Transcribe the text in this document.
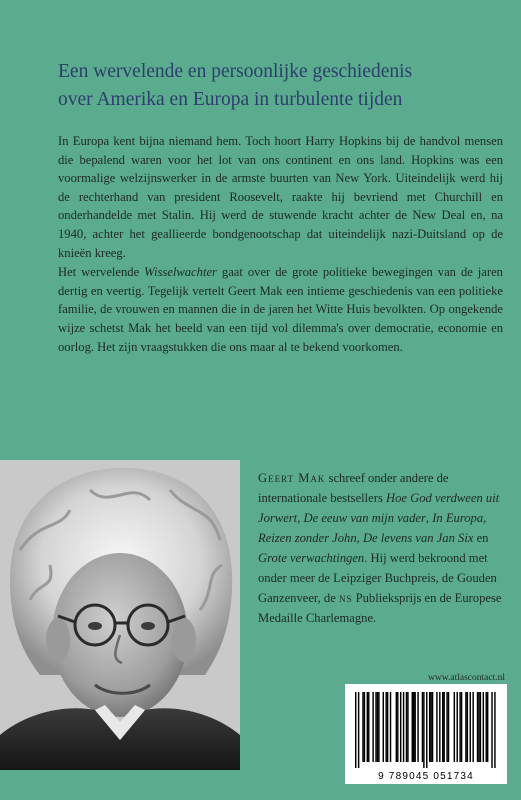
Een wervelende en persoonlijke geschiedenis
over Amerika en Europa in turbulente tijden

In Europa kent bijna niemand hem. Toch hoort Harry Hopkins bij de handvol mensen die bepalend waren voor het lot van ons continent en ons land. Hopkins was een voormalige welzijnswerker in de armste buurten van New York. Uiteindelijk werd hij de rechterhand van president Roosevelt, raakte hij bevriend met Churchill en onderhandelde met Stalin. Hij werd de stuwende kracht achter de New Deal en, na 1940, achter het geallieerde bondgenootschap dat uiteindelijk nazi-Duitsland op de knieën kreeg.

Het wervelende Wisselwachter gaat over de grote politieke bewegingen van de jaren dertig en veertig. Tegelijk vertelt Geert Mak een intieme geschiedenis van een politieke familie, de vrouwen en mannen die in de jaren het Witte Huis bevolkten. Op ongekende wijze schetst Mak het beeld van een tijd vol dilemma's over democratie, economie en oorlog. Het zijn vraagstukken die ons maar al te bekend voorkomen.

Geert Mak schreef onder andere de internationale bestsellers Hoe God verdween uit Jorwert, De eeuw van mijn vader, In Europa, Reizen zonder John, De levens van Jan Six en Grote verwachtingen. Hij werd bekroond met onder meer de Leipziger Buchpreis, de Gouden Ganzenveer, de ns Publieksprijs en de Europese Medaille Charlemagne.

www.atlascontact.nl
9 789045 051734
